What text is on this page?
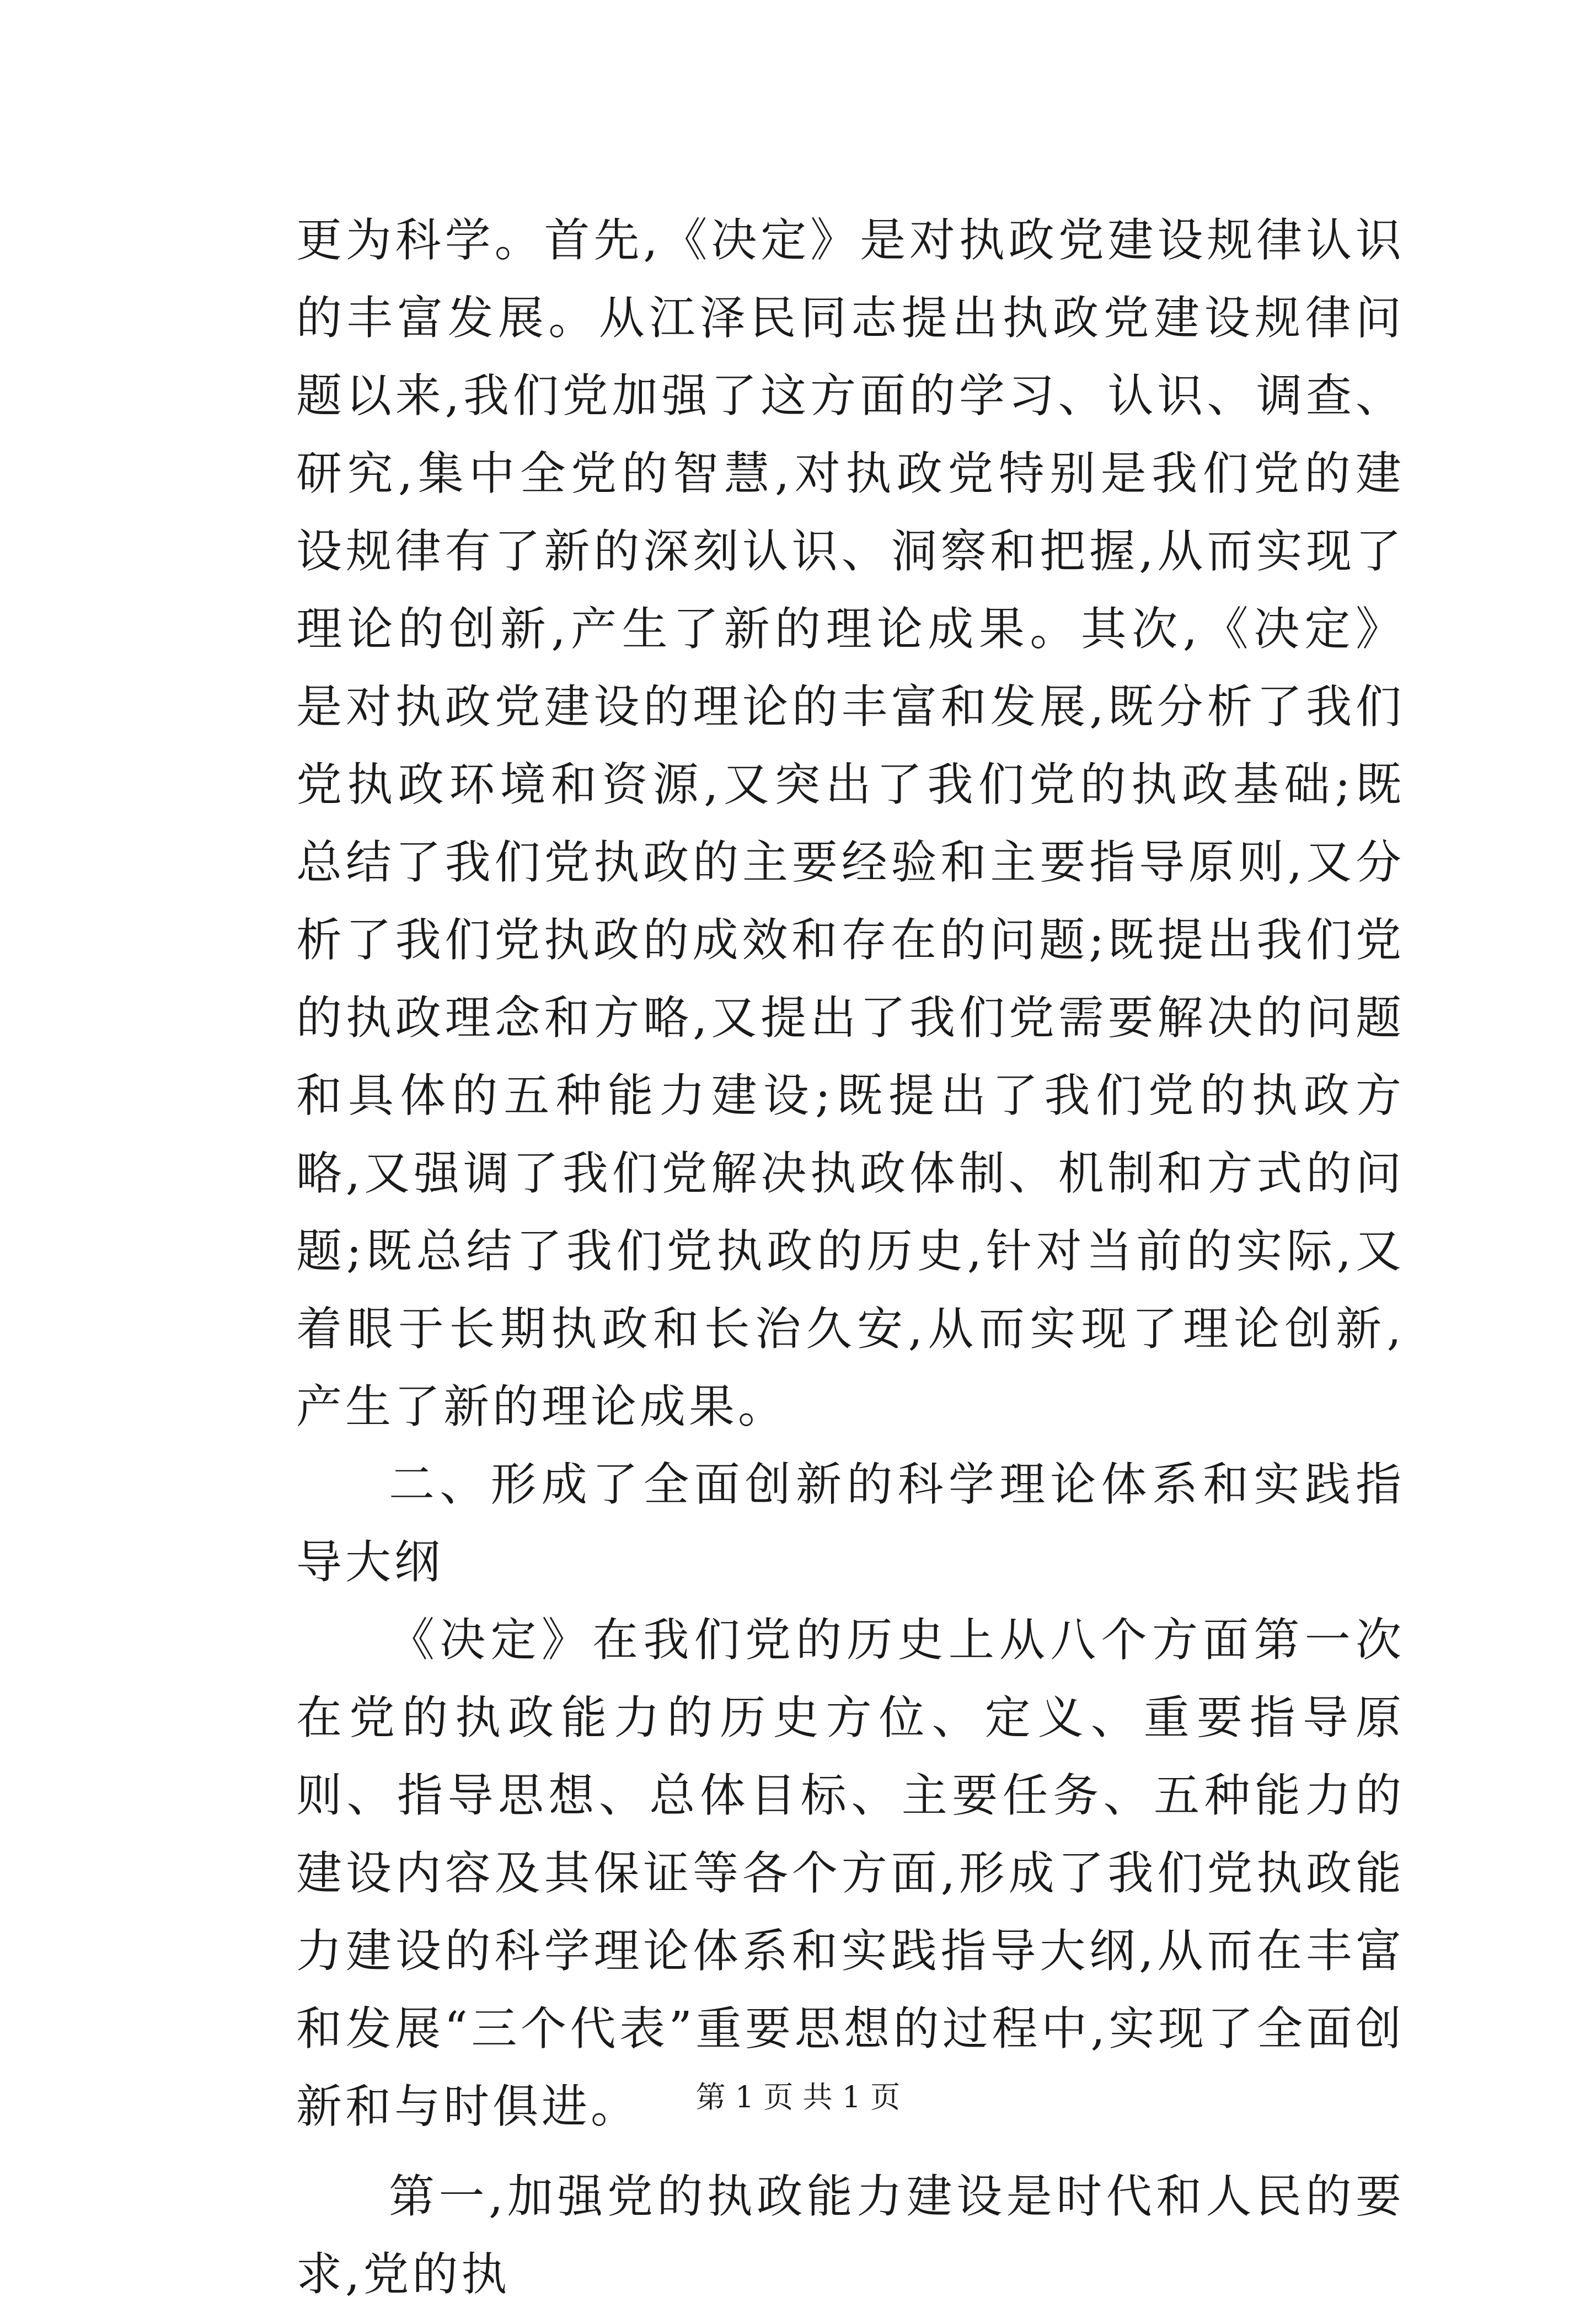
更为科学。首先,《决定》是对执政党建设规律认识的丰富发展。从江泽民同志提出执政党建设规律问题以来,我们党加强了这方面的学习、认识、调查、研究,集中全党的智慧,对执政党特别是我们党的建设规律有了新的深刻认识、洞察和把握,从而实现了理论的创新,产生了新的理论成果。其次,《决定》是对执政党建设的理论的丰富和发展,既分析了我们党执政环境和资源,又突出了我们党的执政基础;既总结了我们党执政的主要经验和主要指导原则,又分析了我们党执政的成效和存在的问题;既提出我们党的执政理念和方略,又提出了我们党需要解决的问题和具体的五种能力建设;既提出了我们党的执政方略,又强调了我们党解决执政体制、机制和方式的问题;既总结了我们党执政的历史,针对当前的实际,又着眼于长期执政和长治久安,从而实现了理论创新,产生了新的理论成果。

二、形成了全面创新的科学理论体系和实践指导大纲

《决定》在我们党的历史上从八个方面第一次在党的执政能力的历史方位、定义、重要指导原则、指导思想、总体目标、主要任务、五种能力的建设内容及其保证等各个方面,形成了我们党执政能力建设的科学理论体系和实践指导大纲,从而在丰富和发展“三个代表”重要思想的过程中,实现了全面创新和与时俱进。

第一,加强党的执政能力建设是时代和人民的要求,党的执

第 1 页 共 1 页
